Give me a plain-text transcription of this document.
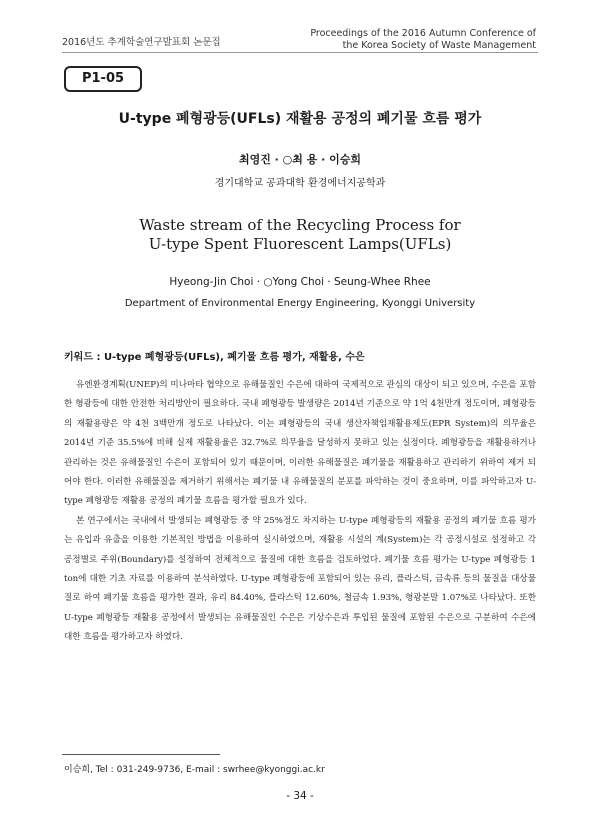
2016년도 추계학술연구발표회 논문집
Proceedings of the 2016 Autumn Conference of
the Korea Society of Waste Management
P1-05
U-type 폐형광등(UFLs) 재활용 공정의 폐기물 흐름 평가
최영진 · ○최 용 · 이승희
경기대학교 공과대학 환경에너지공학과
Waste stream of the Recycling Process for
U-type Spent Fluorescent Lamps(UFLs)
Hyeong-Jin Choi · ○Yong Choi · Seung-Whee Rhee
Department of Environmental Energy Engineering, Kyonggi University
키워드 : U-type 폐형광등(UFLs), 폐기물 흐름 평가, 재활용, 수은

유엔환경계획(UNEP)의 미나마타 협약으로 유해물질인 수은에 대하여 국제적으로 관심의 대상이 되고 있으며, 수은을 포함한 형광등에 대한 안전한 처리방안이 필요하다. 국내 폐형광등 발생량은 2014년 기준으로 약 1억 4천만개 정도이며, 폐형광등의 재활용량은 약 4천 3백만개 정도로 나타났다. 이는 폐형광등의 국내 생산자책임재활용제도(EPR System)의 의무율은 2014년 기준 35.5%에 비해 실제 재활용율은 32.7%로 의무율을 달성하지 못하고 있는 실정이다. 폐형광등을 재활용하거나 관리하는 것은 유해물질인 수은이 포함되어 있기 때문이며, 이러한 유해물질은 폐기물을 재활용하고 관리하기 위하여 제거 되어야 한다. 이러한 유해물질을 제거하기 위해서는 폐기물 내 유해물질의 분포를 파악하는 것이 중요하며, 이를 파악하고자 U-type 폐형광등 재활용 공정의 폐기물 흐름을 평가할 필요가 있다.

본 연구에서는 국내에서 발생되는 폐형광등 중 약 25%정도 차지하는 U-type 폐형광등의 재활용 공정의 폐기물 흐름 평가는 유입과 유출을 이용한 기본적인 방법을 이용하여 실시하였으며, 재활용 시설의 계(System)는 각 공정시설로 설정하고 각 공정별로 주위(Boundary)를 설정하여 전체적으로 물질에 대한 흐름을 검토하였다. 폐기물 흐름 평가는 U-type 폐형광등 1 ton에 대한 기초 자료를 이용하여 분석하였다. U-type 폐형광등에 포함되어 있는 유리, 플라스틱, 금속류 등의 물질을 대상물질로 하여 폐기물 흐름을 평가한 결과, 유리 84.40%, 플라스틱 12.60%, 철금속 1.93%, 형광분말 1.07%로 나타났다. 또한 U-type 폐형광등 재활용 공정에서 발생되는 유해물질인 수은은 기상수은과 투입된 물질에 포함된 수은으로 구분하여 수은에 대한 흐름을 평가하고자 하였다.

이승희, Tel : 031-249-9736, E-mail : swrhee@kyonggi.ac.kr
- 34 -
